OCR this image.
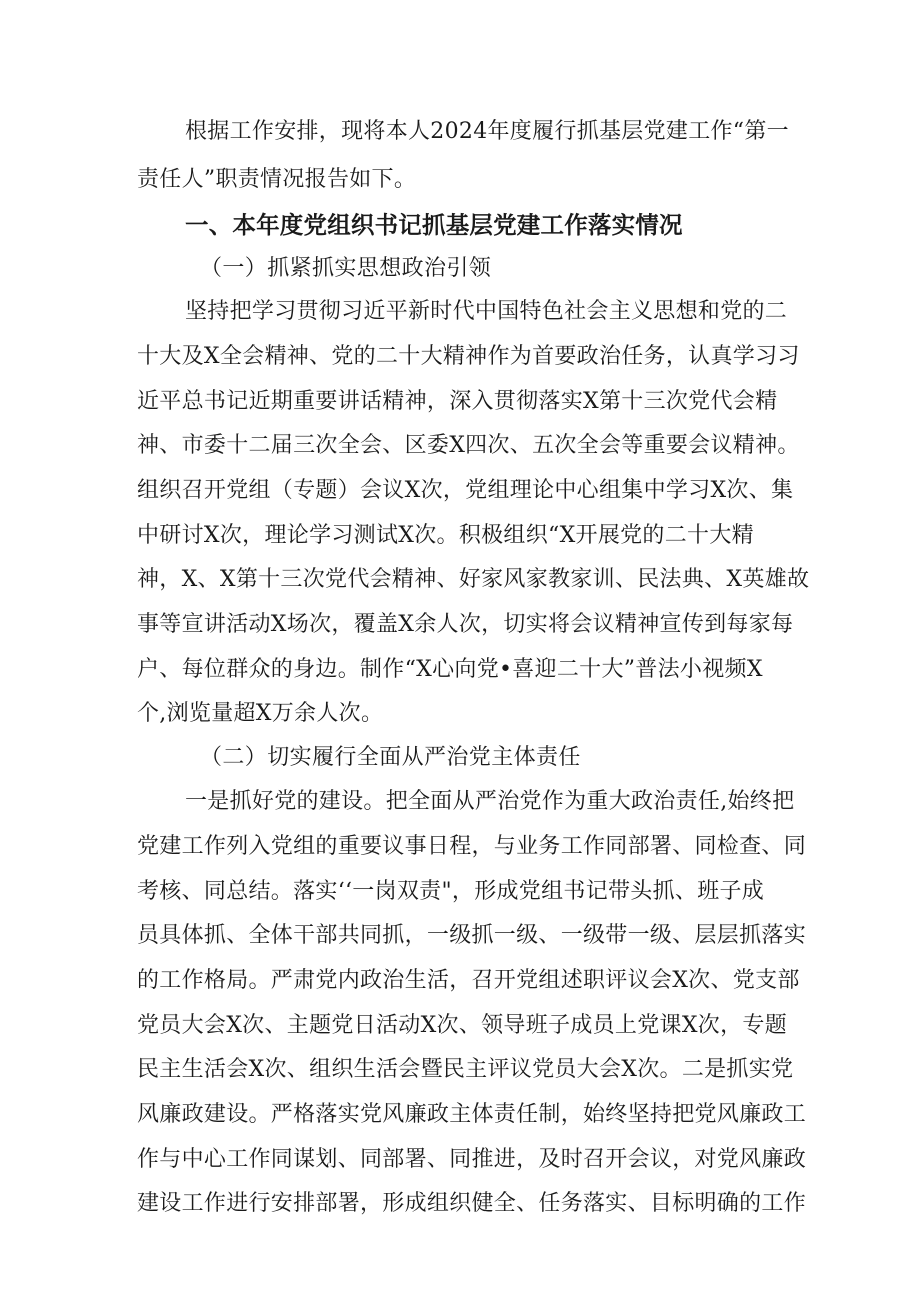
根据工作安排，现将本人2024年度履行抓基层党建工作“第一

责任人”职责情况报告如下。

一、本年度党组织书记抓基层党建工作落实情况

（一）抓紧抓实思想政治引领

坚持把学习贯彻习近平新时代中国特色社会主义思想和党的二

十大及X全会精神、党的二十大精神作为首要政治任务，认真学习习

近平总书记近期重要讲话精神，深入贯彻落实X第十三次党代会精

神、市委十二届三次全会、区委X四次、五次全会等重要会议精神。

组织召开党组（专题）会议X次，党组理论中心组集中学习X次、集

中研讨X次，理论学习测试X次。积极组织“X开展党的二十大精

神，X、X第十三次党代会精神、好家风家教家训、民法典、X英雄故

事等宣讲活动X场次，覆盖X余人次，切实将会议精神宣传到每家每

户、每位群众的身边。制作“X心向党•喜迎二十大”普法小视频X

个,浏览量超X万余人次。

（二）切实履行全面从严治党主体责任

一是抓好党的建设。把全面从严治党作为重大政治责任,始终把

党建工作列入党组的重要议事日程，与业务工作同部署、同检查、同

考核、同总结。落实‘‘一岗双责"，形成党组书记带头抓、班子成

员具体抓、全体干部共同抓，一级抓一级、一级带一级、层层抓落实

的工作格局。严肃党内政治生活，召开党组述职评议会X次、党支部

党员大会X次、主题党日活动X次、领导班子成员上党课X次，专题

民主生活会X次、组织生活会暨民主评议党员大会X次。二是抓实党

风廉政建设。严格落实党风廉政主体责任制，始终坚持把党风廉政工

作与中心工作同谋划、同部署、同推进，及时召开会议，对党风廉政

建设工作进行安排部署，形成组织健全、任务落实、目标明确的工作
